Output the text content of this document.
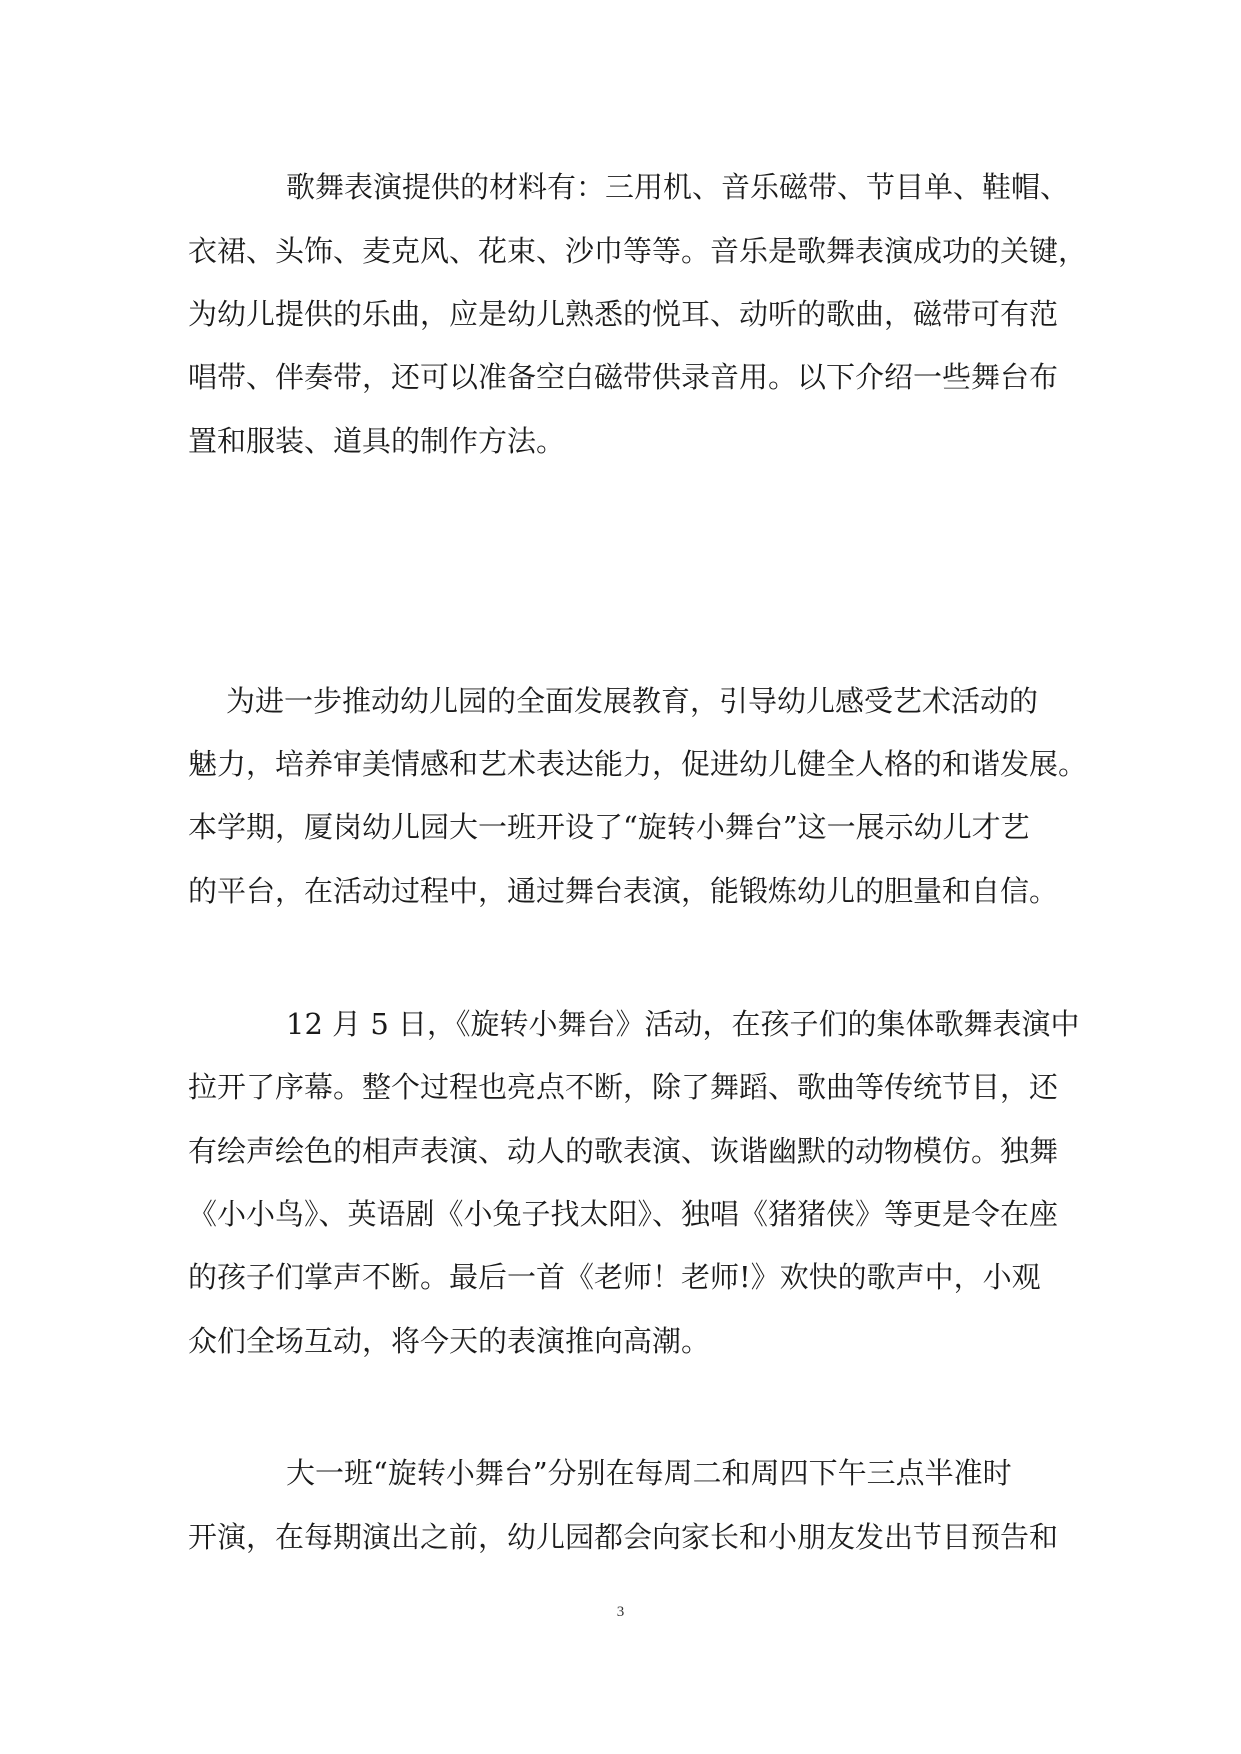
歌舞表演提供的材料有：三用机、音乐磁带、节目单、鞋帽、
衣裙、头饰、麦克风、花束、沙巾等等。音乐是歌舞表演成功的关键，
为幼儿提供的乐曲，应是幼儿熟悉的悦耳、动听的歌曲，磁带可有范
唱带、伴奏带，还可以准备空白磁带供录音用。以下介绍一些舞台布
置和服装、道具的制作方法。
为进一步推动幼儿园的全面发展教育，引导幼儿感受艺术活动的
魅力，培养审美情感和艺术表达能力，促进幼儿健全人格的和谐发展。
本学期，厦岗幼儿园大一班开设了“旋转小舞台”这一展示幼儿才艺
的平台，在活动过程中，通过舞台表演，能锻炼幼儿的胆量和自信。
12 月 5 日，《旋转小舞台》活动，在孩子们的集体歌舞表演中
拉开了序幕。整个过程也亮点不断，除了舞蹈、歌曲等传统节目，还
有绘声绘色的相声表演、动人的歌表演、诙谐幽默的动物模仿。独舞
《小小鸟》、英语剧《小兔子找太阳》、独唱《猪猪侠》等更是令在座
的孩子们掌声不断。最后一首《老师！老师!》欢快的歌声中，小观
众们全场互动，将今天的表演推向高潮。
大一班“旋转小舞台”分别在每周二和周四下午三点半准时
开演，在每期演出之前，幼儿园都会向家长和小朋友发出节目预告和
3
